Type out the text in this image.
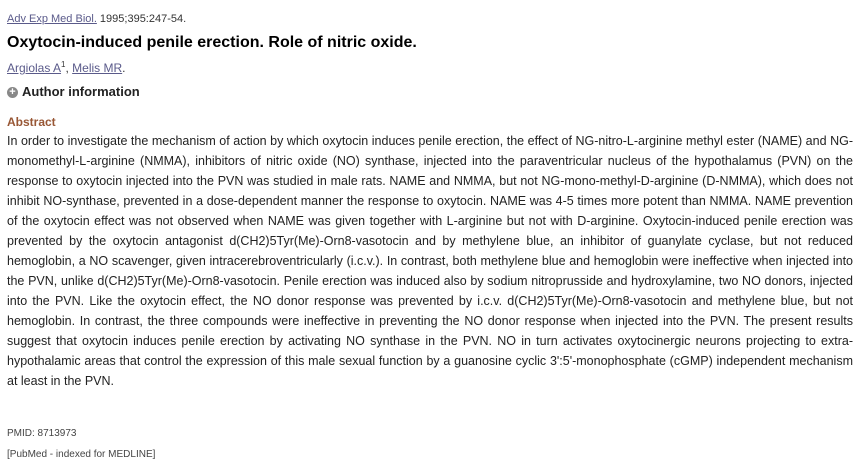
Adv Exp Med Biol. 1995;395:247-54.
Oxytocin-induced penile erection. Role of nitric oxide.
Argiolas $A^1$, Melis MR.
+ Author information
Abstract

In order to investigate the mechanism of action by which oxytocin induces penile erection, the effect of NG-nitro-L-arginine methyl ester (NAME) and NG-monomethyl-L-arginine (NMMA), inhibitors of nitric oxide (NO) synthase, injected into the paraventricular nucleus of the hypothalamus (PVN) on the response to oxytocin injected into the PVN was studied in male rats. NAME and NMMA, but not NG-mono-methyl-D-arginine (D-NMMA), which does not inhibit NO-synthase, prevented in a dose-dependent manner the response to oxytocin. NAME was 4-5 times more potent than NMMA. NAME prevention of the oxytocin effect was not observed when NAME was given together with L-arginine but not with D-arginine. Oxytocin-induced penile erection was prevented by the oxytocin antagonist d(CH2)5Tyr(Me)-Orn8-vasotocin and by methylene blue, an inhibitor of guanylate cyclase, but not reduced hemoglobin, a NO scavenger, given intracerebroventricularly (i.c.v.). In contrast, both methylene blue and hemoglobin were ineffective when injected into the PVN, unlike d(CH2)5Tyr(Me)-Orn8-vasotocin. Penile erection was induced also by sodium nitroprusside and hydroxylamine, two NO donors, injected into the PVN. Like the oxytocin effect, the NO donor response was prevented by i.c.v. d(CH2)5Tyr(Me)-Orn8-vasotocin and methylene blue, but not hemoglobin. In contrast, the three compounds were ineffective in preventing the NO donor response when injected into the PVN. The present results suggest that oxytocin induces penile erection by activating NO synthase in the PVN. NO in turn activates oxytocinergic neurons projecting to extra-hypothalamic areas that control the expression of this male sexual function by a guanosine cyclic 3':5'-monophosphate (cGMP) independent mechanism at least in the PVN.

PMID: 8713973
[PubMed - indexed for MEDLINE]
